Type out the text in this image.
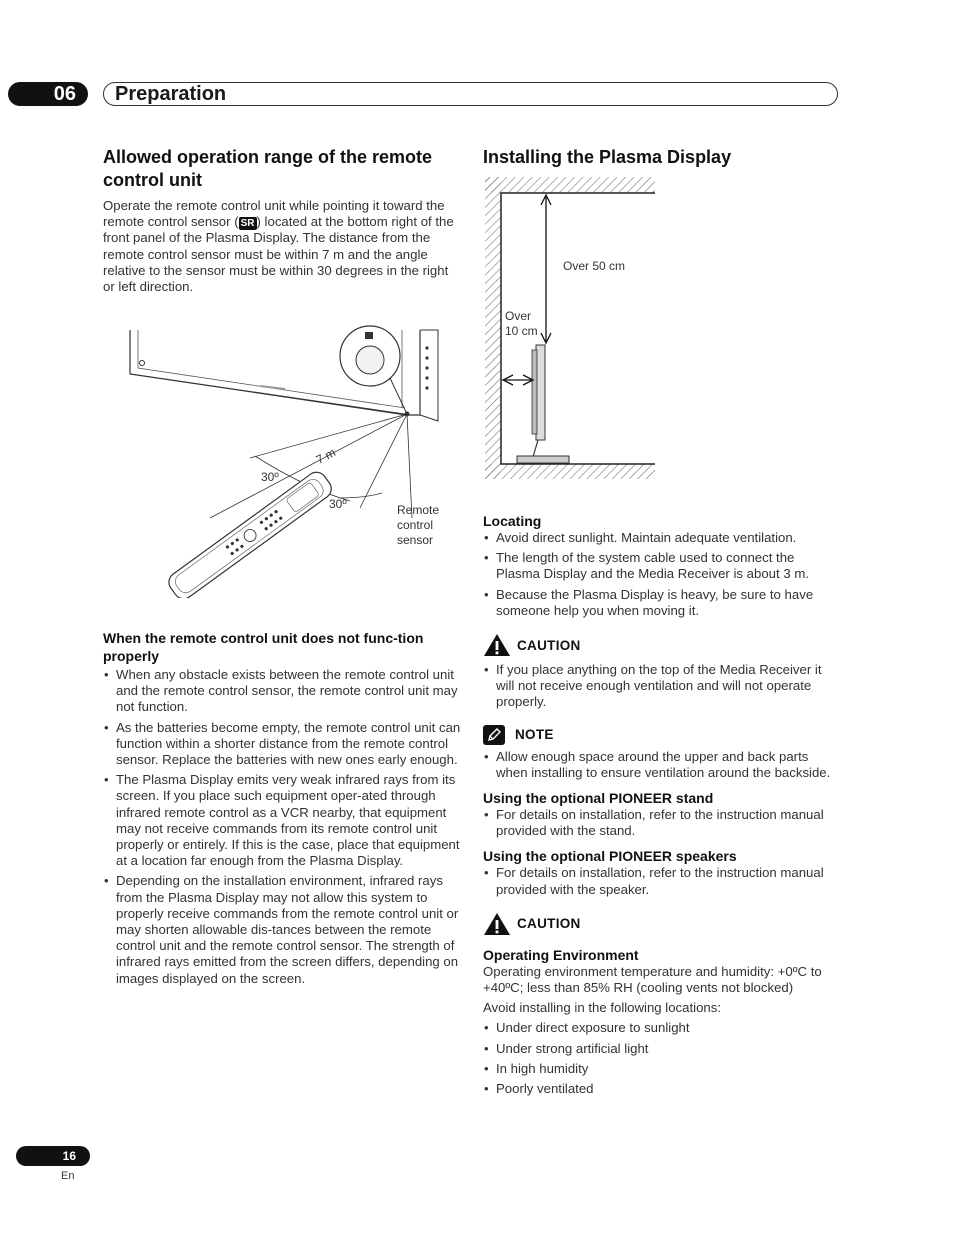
06 Preparation
Allowed operation range of the remote control unit
Operate the remote control unit while pointing it toward the remote control sensor ( SR ) located at the bottom right of the front panel of the Plasma Display. The distance from the remote control sensor must be within 7 m and the angle relative to the sensor must be within 30 degrees in the right or left direction.
7 m
30º
30º	Remote
control
sensor
When the remote control unit does not func-tion properly
• When any obstacle exists between the remote control unit and the remote control sensor, the remote control unit may not function.
• As the batteries become empty, the remote control unit can function within a shorter distance from the remote control sensor. Replace the batteries with new ones early enough.
• The Plasma Display emits very weak infrared rays from its screen. If you place such equipment oper-ated through infrared remote control as a VCR nearby, that equipment may not receive commands from its remote control unit properly or entirely. If this is the case, place that equipment at a location far enough from the Plasma Display.
• Depending on the installation environment, infrared rays from the Plasma Display may not allow this system to properly receive commands from the remote control unit or may shorten allowable dis-tances between the remote control unit and the remote control sensor. The strength of infrared rays emitted from the screen differs, depending on images displayed on the screen.
Installing the Plasma Display
Over 50 cm
Over
10 cm
Locating
• Avoid direct sunlight. Maintain adequate ventilation.
• The length of the system cable used to connect the Plasma Display and the Media Receiver is about 3 m.
• Because the Plasma Display is heavy, be sure to have someone help you when moving it.
CAUTION
• If you place anything on the top of the Media Receiver it will not receive enough ventilation and will not operate properly.
NOTE
• Allow enough space around the upper and back parts when installing to ensure ventilation around the backside.
Using the optional PIONEER stand
• For details on installation, refer to the instruction manual provided with the stand.
Using the optional PIONEER speakers
• For details on installation, refer to the instruction manual provided with the speaker.
CAUTION
Operating Environment
Operating environment temperature and humidity: +0ºC to +40ºC; less than 85% RH (cooling vents not blocked)
Avoid installing in the following locations:
• Under direct exposure to sunlight
• Under strong artificial light
• In high humidity
• Poorly ventilated
16
En
